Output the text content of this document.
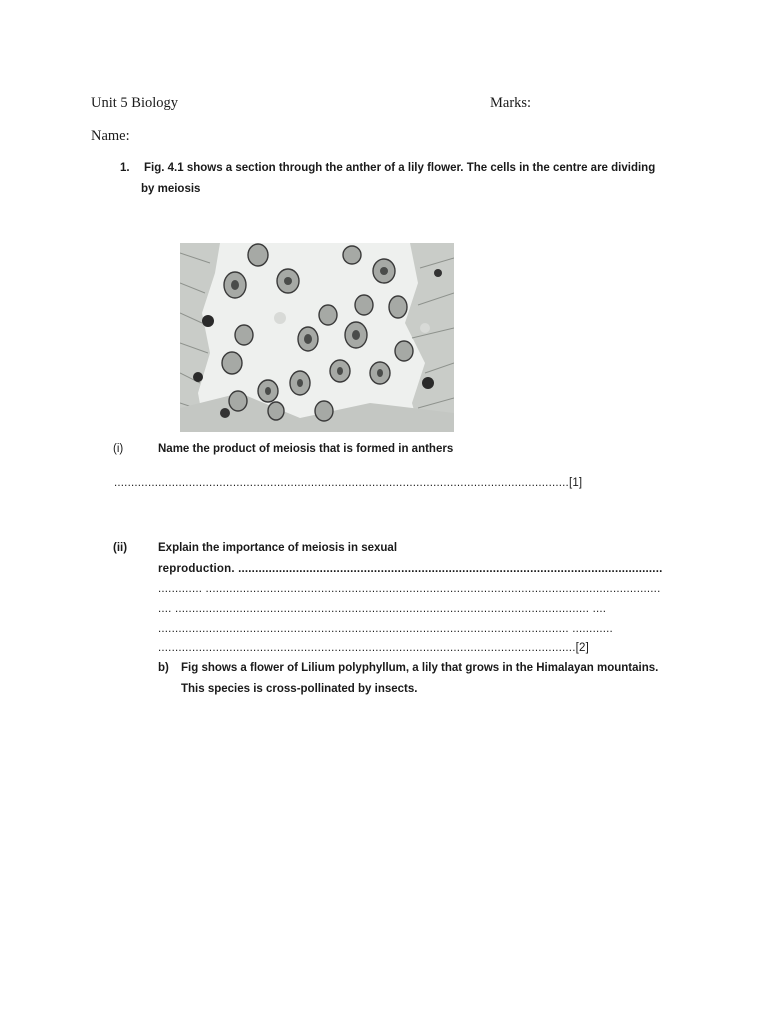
Unit 5 Biology	Marks:
Name:
1. Fig. 4.1 shows a section through the anther of a lily flower. The cells in the centre are dividing
by meiosis
(i)	Name the product of meiosis that is formed in anthers
......................................................................................................................................[1]
(ii)	Explain the importance of meiosis in sexual
reproduction. .............................................................................................................................
............. ......................................................................................................................................
.... .......................................................................................................................... ....
......................................................................................................................... ............
...........................................................................................................................[2]
b) Fig shows a flower of Lilium polyphyllum, a lily that grows in the Himalayan mountains.
This species is cross-pollinated by insects.
